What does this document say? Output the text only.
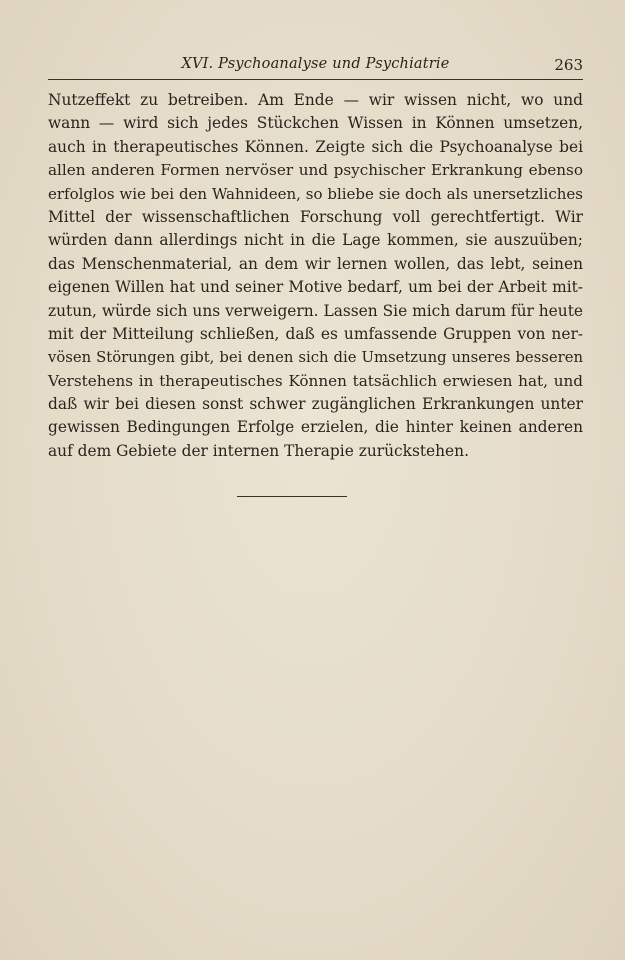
XVI. Psychoanalyse und Psychiatrie	263
Nutzeffekt zu betreiben. Am Ende — wir wissen nicht, wo und
wann — wird sich jedes Stückchen Wissen in Können umsetzen,
auch in therapeutisches Können. Zeigte sich die Psychoanalyse bei
allen anderen Formen nervöser und psychischer Erkrankung ebenso
erfolglos wie bei den Wahnideen, so bliebe sie doch als unersetzliches
Mittel der wissenschaftlichen Forschung voll gerechtfertigt. Wir
würden dann allerdings nicht in die Lage kommen, sie auszuüben;
das Menschenmaterial, an dem wir lernen wollen, das lebt, seinen
eigenen Willen hat und seiner Motive bedarf, um bei der Arbeit mit-
zutun, würde sich uns verweigern. Lassen Sie mich darum für heute
mit der Mitteilung schließen, daß es umfassende Gruppen von ner-
vösen Störungen gibt, bei denen sich die Umsetzung unseres besseren
Verstehens in therapeutisches Können tatsächlich erwiesen hat, und
daß wir bei diesen sonst schwer zugänglichen Erkrankungen unter
gewissen Bedingungen Erfolge erzielen, die hinter keinen anderen
auf dem Gebiete der internen Therapie zurückstehen.
